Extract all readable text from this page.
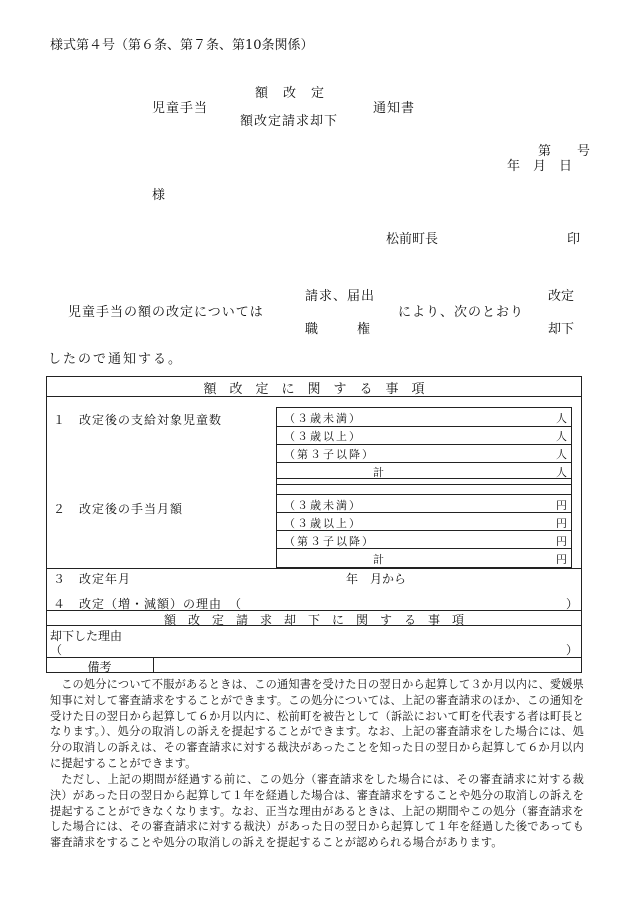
様式第４号（第６条、第７条、第10条関係）
額　改　定
児童手当	通知書
額改定請求却下
第　　号
年　月　日
様
松前町長	印
請求、届出	改定
児童手当の額の改定については	により、次のとおり
職	権	却下
したので通知する。
額　改　定　に　関　す　る　事　項
１　改定後の支給対象児童数	（３歳未満）	人
（３歳以上）	人
（第３子以降）	人
計	人
２　改定後の手当月額	（３歳未満）	円
（３歳以上）	円
（第３子以降）	円
計	円
３　改定年月	年　月から
４　改定（増・減額）の理由　（	）
額　改　定　請　求　却　下　に　関　す　る　事　項
却下した理由
（	）
備考
この処分について不服があるときは、この通知書を受けた日の翌日から起算して３か月以内に、愛媛県知事に対して審査請求をすることができます。この処分については、上記の審査請求のほか、この通知を受けた日の翌日から起算して６か月以内に、松前町を被告として（訴訟において町を代表する者は町長となります。）、処分の取消しの訴えを提起することができます。なお、上記の審査請求をした場合には、処分の取消しの訴えは、その審査請求に対する裁決があったことを知った日の翌日から起算して６か月以内に提起することができます。
ただし、上記の期間が経過する前に、この処分（審査請求をした場合には、その審査請求に対する裁決）があった日の翌日から起算して１年を経過した場合は、審査請求をすることや処分の取消しの訴えを提起することができなくなります。なお、正当な理由があるときは、上記の期間やこの処分（審査請求をした場合には、その審査請求に対する裁決）があった日の翌日から起算して１年を経過した後であっても審査請求をすることや処分の取消しの訴えを提起することが認められる場合があります。
